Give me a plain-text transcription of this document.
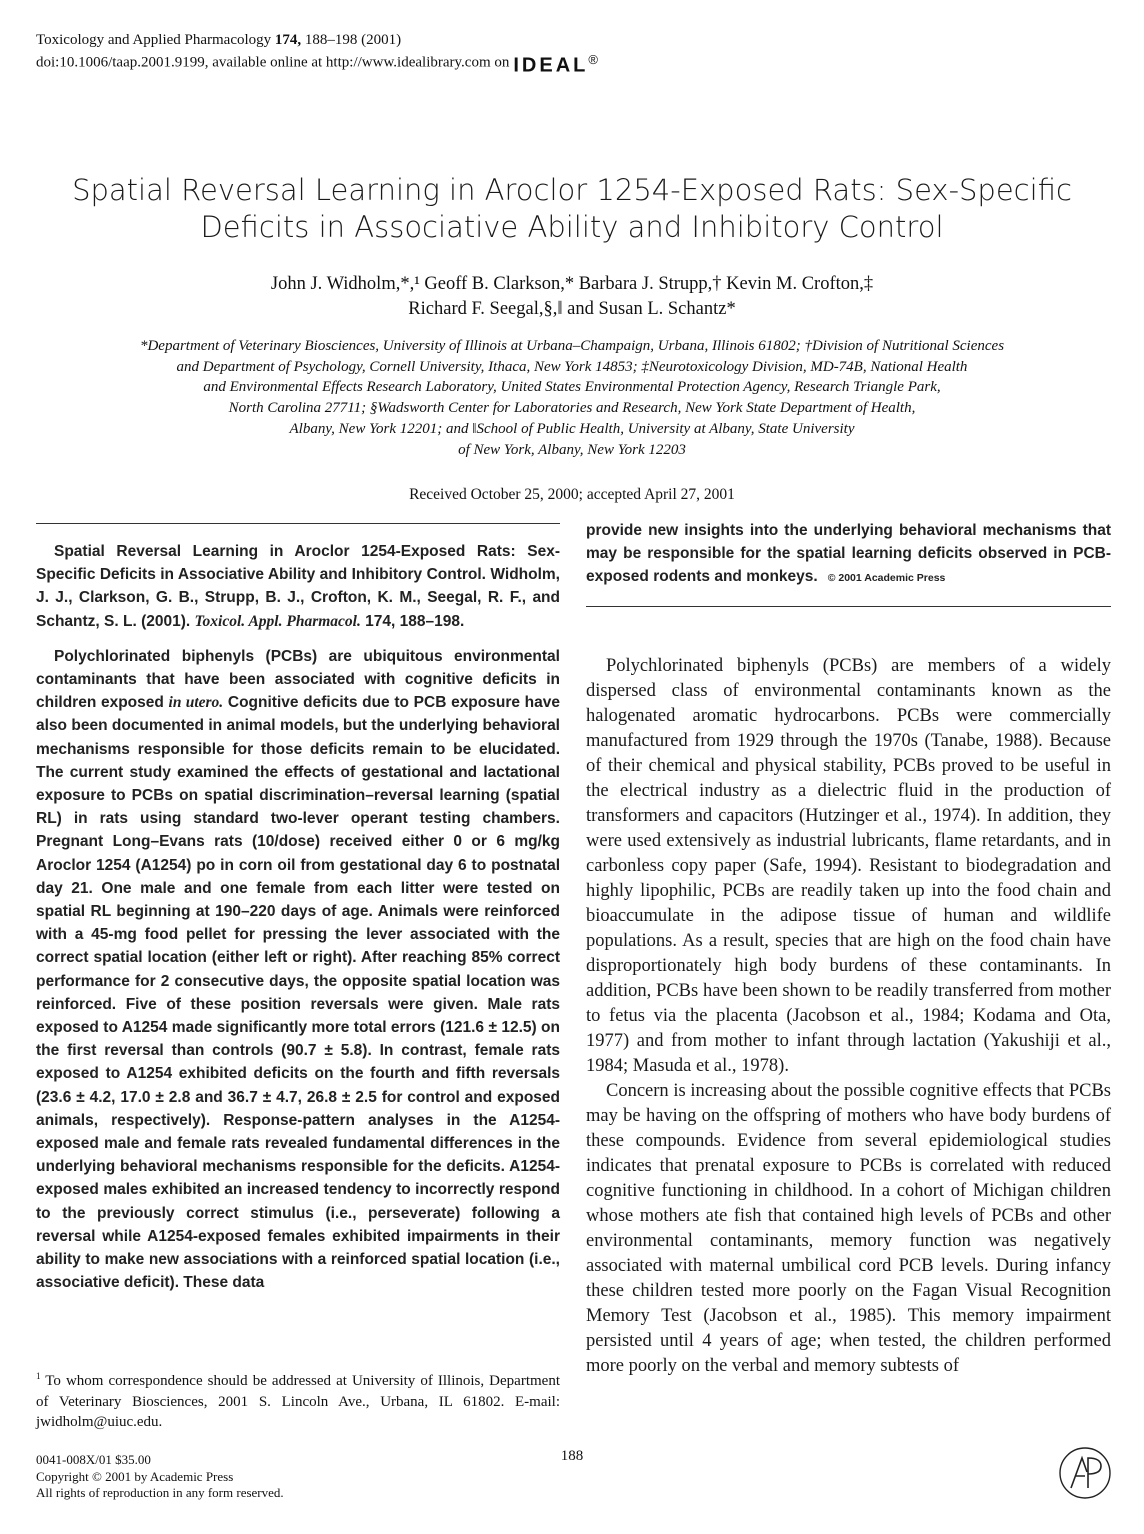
Toxicology and Applied Pharmacology 174, 188–198 (2001)
doi:10.1006/taap.2001.9199, available online at http://www.idealibrary.com on IDEAL®
Spatial Reversal Learning in Aroclor 1254-Exposed Rats: Sex-Specific
Deficits in Associative Ability and Inhibitory Control
John J. Widholm,*,¹ Geoff B. Clarkson,* Barbara J. Strupp,† Kevin M. Crofton,‡
Richard F. Seegal,§,‖ and Susan L. Schantz*
*Department of Veterinary Biosciences, University of Illinois at Urbana–Champaign, Urbana, Illinois 61802; †Division of Nutritional Sciences
and Department of Psychology, Cornell University, Ithaca, New York 14853; ‡Neurotoxicology Division, MD-74B, National Health
and Environmental Effects Research Laboratory, United States Environmental Protection Agency, Research Triangle Park,
North Carolina 27711; §Wadsworth Center for Laboratories and Research, New York State Department of Health,
Albany, New York 12201; and ‖School of Public Health, University at Albany, State University
of New York, Albany, New York 12203
Received October 25, 2000; accepted April 27, 2001

Spatial Reversal Learning in Aroclor 1254-Exposed Rats: Sex-Specific Deficits in Associative Ability and Inhibitory Control. Widholm, J. J., Clarkson, G. B., Strupp, B. J., Crofton, K. M., Seegal, R. F., and Schantz, S. L. (2001). Toxicol. Appl. Pharmacol. 174, 188–198.

Polychlorinated biphenyls (PCBs) are ubiquitous environmental contaminants that have been associated with cognitive deficits in children exposed in utero. Cognitive deficits due to PCB exposure have also been documented in animal models, but the underlying behavioral mechanisms responsible for those deficits remain to be elucidated. The current study examined the effects of gestational and lactational exposure to PCBs on spatial discrimination–reversal learning (spatial RL) in rats using standard two-lever operant testing chambers. Pregnant Long–Evans rats (10/dose) received either 0 or 6 mg/kg Aroclor 1254 (A1254) po in corn oil from gestational day 6 to postnatal day 21. One male and one female from each litter were tested on spatial RL beginning at 190–220 days of age. Animals were reinforced with a 45-mg food pellet for pressing the lever associated with the correct spatial location (either left or right). After reaching 85% correct performance for 2 consecutive days, the opposite spatial location was reinforced. Five of these position reversals were given. Male rats exposed to A1254 made significantly more total errors (121.6 ± 12.5) on the first reversal than controls (90.7 ± 5.8). In contrast, female rats exposed to A1254 exhibited deficits on the fourth and fifth reversals (23.6 ± 4.2, 17.0 ± 2.8 and 36.7 ± 4.7, 26.8 ± 2.5 for control and exposed animals, respectively). Response-pattern analyses in the A1254-exposed male and female rats revealed fundamental differences in the underlying behavioral mechanisms responsible for the deficits. A1254-exposed males exhibited an increased tendency to incorrectly respond to the previously correct stimulus (i.e., perseverate) following a reversal while A1254-exposed females exhibited impairments in their ability to make new associations with a reinforced spatial location (i.e., associative deficit). These data

provide new insights into the underlying behavioral mechanisms that may be responsible for the spatial learning deficits observed in PCB-exposed rodents and monkeys. © 2001 Academic Press

Polychlorinated biphenyls (PCBs) are members of a widely dispersed class of environmental contaminants known as the halogenated aromatic hydrocarbons. PCBs were commercially manufactured from 1929 through the 1970s (Tanabe, 1988). Because of their chemical and physical stability, PCBs proved to be useful in the electrical industry as a dielectric fluid in the production of transformers and capacitors (Hutzinger et al., 1974). In addition, they were used extensively as industrial lubricants, flame retardants, and in carbonless copy paper (Safe, 1994). Resistant to biodegradation and highly lipophilic, PCBs are readily taken up into the food chain and bioaccumulate in the adipose tissue of human and wildlife populations. As a result, species that are high on the food chain have disproportionately high body burdens of these contaminants. In addition, PCBs have been shown to be readily transferred from mother to fetus via the placenta (Jacobson et al., 1984; Kodama and Ota, 1977) and from mother to infant through lactation (Yakushiji et al., 1984; Masuda et al., 1978).

Concern is increasing about the possible cognitive effects that PCBs may be having on the offspring of mothers who have body burdens of these compounds. Evidence from several epidemiological studies indicates that prenatal exposure to PCBs is correlated with reduced cognitive functioning in childhood. In a cohort of Michigan children whose mothers ate fish that contained high levels of PCBs and other environmental contaminants, memory function was negatively associated with maternal umbilical cord PCB levels. During infancy these children tested more poorly on the Fagan Visual Recognition Memory Test (Jacobson et al., 1985). This memory impairment persisted until 4 years of age; when tested, the children performed more poorly on the verbal and memory subtests of

$^1$ To whom correspondence should be addressed at University of Illinois, Department of Veterinary Biosciences, 2001 S. Lincoln Ave., Urbana, IL 61802. E-mail: jwidholm@uiuc.edu.
0041-008X/01 $35.00
Copyright © 2001 by Academic Press
All rights of reproduction in any form reserved.
188
